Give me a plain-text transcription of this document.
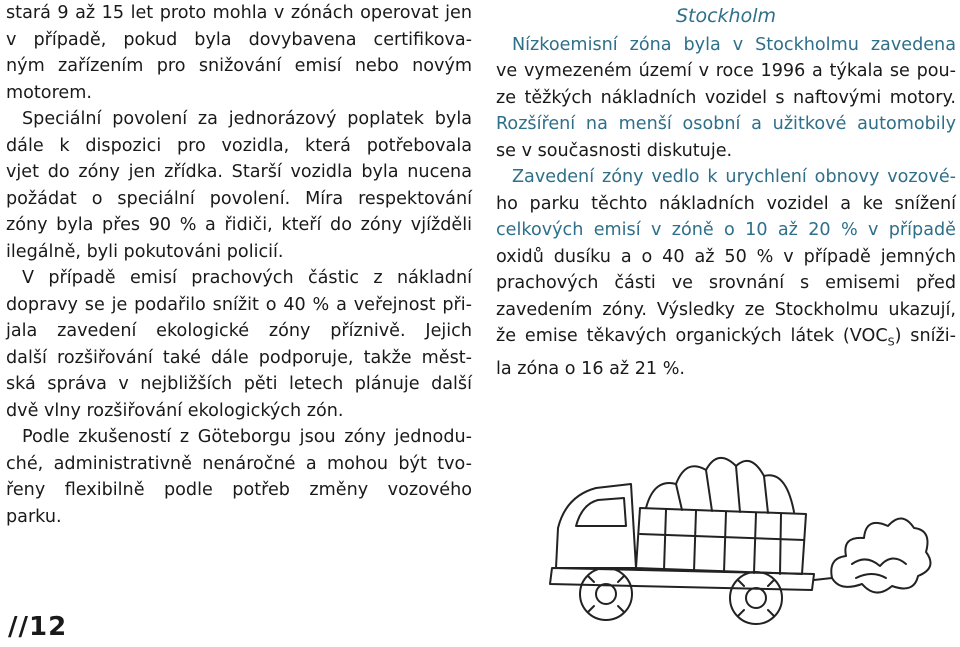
stará 9 až 15 let proto mohla v zónách operovat jen

v případě, pokud byla dovybavena certifikova-

ným zařízením pro snižování emisí nebo novým

motorem.

Speciální povolení za jednorázový poplatek byla

dále k dispozici pro vozidla, která potřebovala

vjet do zóny jen zřídka. Starší vozidla byla nucena

požádat o speciální povolení. Míra respektování

zóny byla přes 90 % a řidiči, kteří do zóny vjížděli

ilegálně, byli pokutováni policií.

V případě emisí prachových částic z nákladní

dopravy se je podařilo snížit o 40 % a veřejnost při-

jala zavedení ekologické zóny příznivě. Jejich

další rozšiřování také dále podporuje, takže měst-

ská správa v nejbližších pěti letech plánuje další

dvě vlny rozšiřování ekologických zón.

Podle zkušeností z Göteborgu jsou zóny jednodu-

ché, administrativně nenáročné a mohou být tvo-

řeny flexibilně podle potřeb změny vozového

parku.

Stockholm

Nízkoemisní zóna byla v Stockholmu zavedena

ve vymezeném území v roce 1996 a týkala se pou-

ze těžkých nákladních vozidel s naftovými motory.

Rozšíření na menší osobní a užitkové automobily

se v současnosti diskutuje.

Zavedení zóny vedlo k urychlení obnovy vozové-

ho parku těchto nákladních vozidel a ke snížení

celkových emisí v zóně o 10 až 20 % v případě

oxidů dusíku a o 40 až 50 % v případě jemných

prachových části ve srovnání s emisemi před

zavedením zóny. Výsledky ze Stockholmu ukazují,

že emise těkavých organických látek $(VOC_S)$ sníži-

la zóna o 16 až 21 %.

//12
